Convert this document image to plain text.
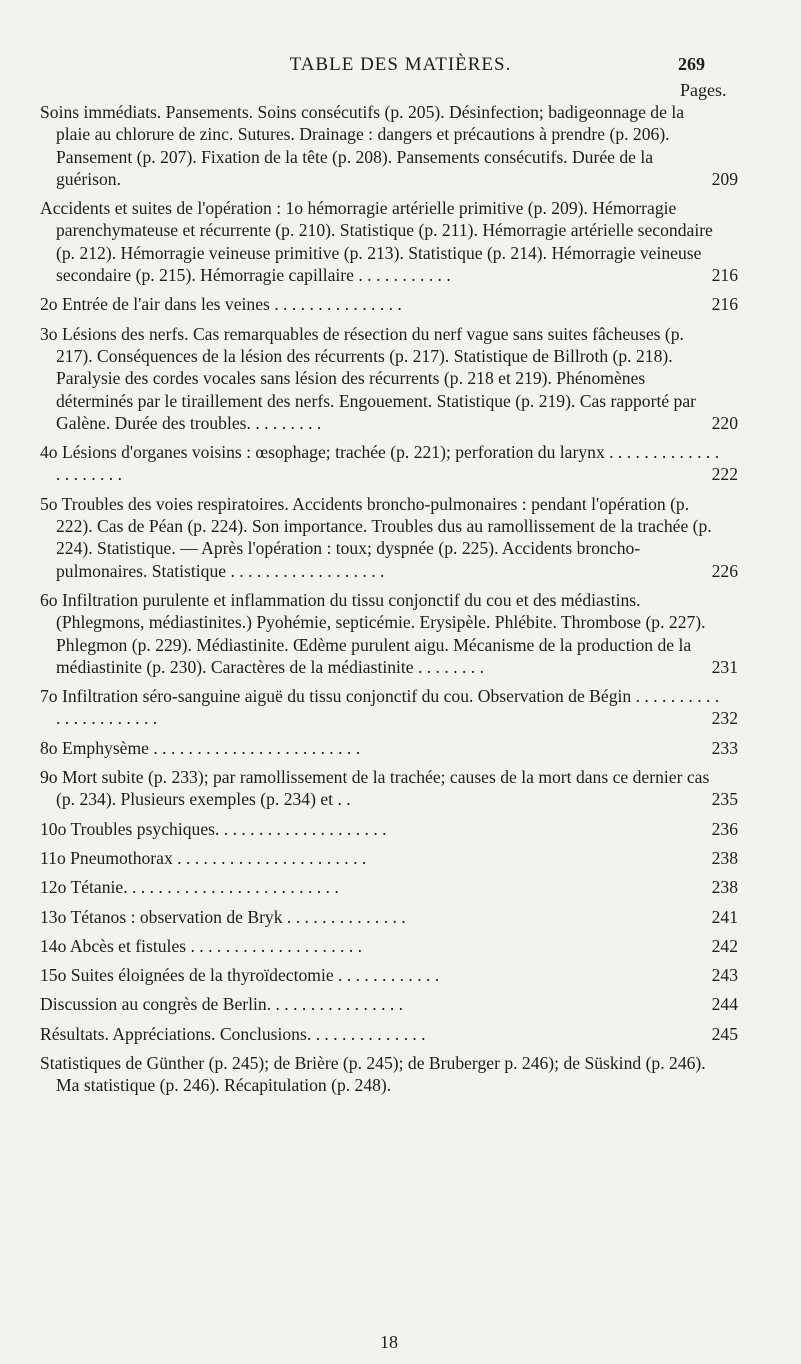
TABLE DES MATIÈRES.	269
Pages.
Soins immédiats. Pansements. Soins consécutifs (p. 205). Désinfection; badigeonnage de la plaie au chlorure de zinc. Sutures. Drainage : dangers et précautions à prendre (p. 206). Pansement (p. 207). Fixation de la tête (p. 208). Pansements consécutifs. Durée de la guérison.	209
Accidents et suites de l'opération : 1o hémorragie artérielle primitive (p. 209). Hémorragie parenchymateuse et récurrente (p. 210). Statistique (p. 211). Hémorragie artérielle secondaire (p. 212). Hémorragie veineuse primitive (p. 213). Statistique (p. 214). Hémorragie veineuse secondaire (p. 215). Hémorragie capillaire . . . . . . . . . . .	216
2o Entrée de l'air dans les veines . . . . . . . . . . . . . . .	216
3o Lésions des nerfs. Cas remarquables de résection du nerf vague sans suites fâcheuses (p. 217). Conséquences de la lésion des récurrents (p. 217). Statistique de Billroth (p. 218). Paralysie des cordes vocales sans lésion des récurrents (p. 218 et 219). Phénomènes déterminés par le tiraillement des nerfs. Engouement. Statistique (p. 219). Cas rapporté par Galène. Durée des troubles. . . . . . . . .	220
4o Lésions d'organes voisins : œsophage; trachée (p. 221); perforation du larynx . . . . . . . . . . . . . . . . . . . . .	222
5o Troubles des voies respiratoires. Accidents broncho-pulmonaires : pendant l'opération (p. 222). Cas de Péan (p. 224). Son importance. Troubles dus au ramollissement de la trachée (p. 224). Statistique. — Après l'opération : toux; dyspnée (p. 225). Accidents broncho-pulmonaires. Statistique . . . . . . . . . . . . . . . . . .	226
6o Infiltration purulente et inflammation du tissu conjonctif du cou et des médiastins. (Phlegmons, médiastinites.) Pyohémie, septicémie. Erysipèle. Phlébite. Thrombose (p. 227). Phlegmon (p. 229). Médiastinite. Œdème purulent aigu. Mécanisme de la production de la médiastinite (p. 230). Caractères de la médiastinite . . . . . . . .	231
7o Infiltration séro-sanguine aiguë du tissu conjonctif du cou. Observation de Bégin . . . . . . . . . . . . . . . . . . . . . .	232
8o Emphysème . . . . . . . . . . . . . . . . . . . . . . . .	233
9o Mort subite (p. 233); par ramollissement de la trachée; causes de la mort dans ce dernier cas (p. 234). Plusieurs exemples (p. 234) et . .	235
10o Troubles psychiques. . . . . . . . . . . . . . . . . . . .	236
11o Pneumothorax . . . . . . . . . . . . . . . . . . . . . .	238
12o Tétanie. . . . . . . . . . . . . . . . . . . . . . . . .	238
13o Tétanos : observation de Bryk . . . . . . . . . . . . . .	241
14o Abcès et fistules . . . . . . . . . . . . . . . . . . . .	242
15o Suites éloignées de la thyroïdectomie . . . . . . . . . . . .	243
Discussion au congrès de Berlin. . . . . . . . . . . . . . . .	244
Résultats. Appréciations. Conclusions. . . . . . . . . . . . . .	245
Statistiques de Günther (p. 245); de Brière (p. 245); de Bruberger p. 246); de Süskind (p. 246). Ma statistique (p. 246). Récapitulation (p. 248).
18
